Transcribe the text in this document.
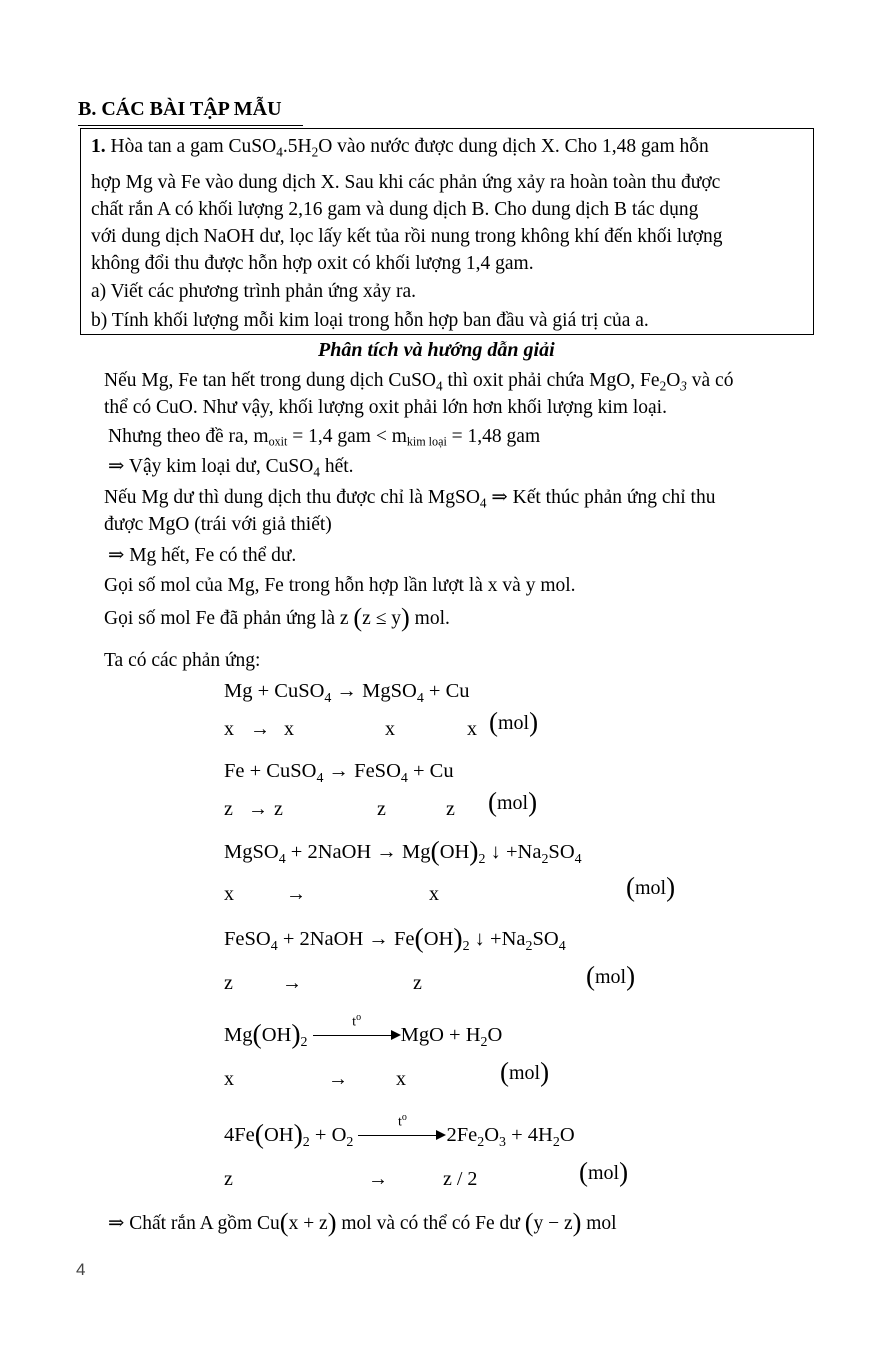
B. CÁC BÀI TẬP MẪU
1. Hòa tan a gam $CuSO_4.5H_2O$ vào nước được dung dịch X. Cho 1,48 gam hỗn
hợp Mg và Fe vào dung dịch X. Sau khi các phản ứng xảy ra hoàn toàn thu được
chất rắn A có khối lượng 2,16 gam và dung dịch B. Cho dung dịch B tác dụng
với dung dịch NaOH dư, lọc lấy kết tủa rồi nung trong không khí đến khối lượng
không đổi thu được hỗn hợp oxit có khối lượng 1,4 gam.
a) Viết các phương trình phản ứng xảy ra.
b) Tính khối lượng mỗi kim loại trong hỗn hợp ban đầu và giá trị của a.
Phân tích và hướng dẫn giải
Nếu Mg, Fe tan hết trong dung dịch CuSO$_4$ thì oxit phải chứa MgO, $Fe_2O_3$ và có
thể có CuO. Như vậy, khối lượng oxit phải lớn hơn khối lượng kim loại.
Nhưng theo đề ra, moxit = 1,4 gam < mkim loại = 1,48 gam
⇒ Vậy kim loại dư, CuSO$_4$ hết.
Nếu Mg dư thì dung dịch thu được chỉ là MgSO$_4$ ⇒ Kết thúc phản ứng chỉ thu
được MgO (trái với giả thiết)
⇒ Mg hết, Fe có thể dư.
Gọi số mol của Mg, Fe trong hỗn hợp lần lượt là x và y mol.
Gọi số mol Fe đã phản ứng là z (z ≤ y) mol.
Ta có các phản ứng:
Mg + CuSO$_4$ → MgSO$_4$ + Cu
x → x	x	x (mol)
Fe + CuSO$_4$ → FeSO$_4$ + Cu
z → z	z	z (mol)
MgSO$_4$ + 2NaOH → $Mg(OH)_2$ ↓ $+Na_2SO_4$
x	→	x	(mol)
FeSO$_4$ + 2NaOH → $Fe(OH)_2$ ↓ $+Na_2SO_4$
z →	z	(mol)
$Mg(OH)_2$
$t^o$
MgO + $H_2O$
x	→ x	(mol)
$4Fe(OH)_2 + O_2$
$t^o$
$2Fe_2O_3 + 4H_2O$
z	→	z / 2	(mol)
⇒ Chất rắn A gồm Cu(x + z) mol và có thể có Fe dư (y − z) mol
4
